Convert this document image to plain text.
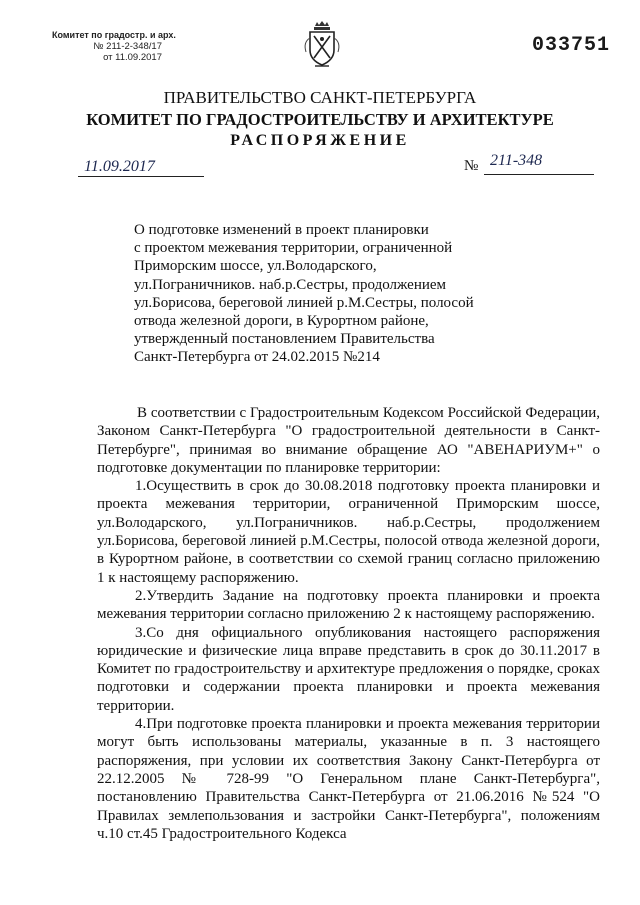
Комитет по градостр. и арх.
№ 211-2-348/17
от 11.09.2017
033751
ПРАВИТЕЛЬСТВО САНКТ-ПЕТЕРБУРГА
КОМИТЕТ ПО ГРАДОСТРОИТЕЛЬСТВУ И АРХИТЕКТУРЕ
РАСПОРЯЖЕНИЕ
11.09.2017	№ 211-348
О подготовке изменений в проект планировки
с проектом межевания территории, ограниченной
Приморским шоссе, ул.Володарского,
ул.Пограничников. наб.р.Сестры, продолжением
ул.Борисова, береговой линией р.М.Сестры, полосой
отвода железной дороги, в Курортном районе,
утвержденный постановлением Правительства
Санкт-Петербурга от 24.02.2015 №214

В соответствии с Градостроительным Кодексом Российской Федерации, Законом Санкт-Петербурга "О градостроительной деятельности в Санкт-Петербурге", принимая во внимание обращение АО "АВЕНАРИУМ+" о подготовке документации по планировке территории:

1.Осуществить в срок до 30.08.2018 подготовку проекта планировки и проекта межевания территории, ограниченной Приморским шоссе, ул.Володарского, ул.Пограничников. наб.р.Сестры, продолжением ул.Борисова, береговой линией р.М.Сестры, полосой отвода железной дороги, в Курортном районе, в соответствии со схемой границ согласно приложению 1 к настоящему распоряжению.

2.Утвердить Задание на подготовку проекта планировки и проекта межевания территории согласно приложению 2 к настоящему распоряжению.

3.Со дня официального опубликования настоящего распоряжения юридические и физические лица вправе представить в срок до 30.11.2017 в Комитет по градостроительству и архитектуре предложения о порядке, сроках подготовки и содержании проекта планировки и проекта межевания территории.

4.При подготовке проекта планировки и проекта межевания территории могут быть использованы материалы, указанные в п. 3 настоящего распоряжения, при условии их соответствия Закону Санкт-Петербурга от 22.12.2005 № 728-99 "О Генеральном плане Санкт-Петербурга", постановлению Правительства Санкт-Петербурга от 21.06.2016 №524 "О Правилах землепользования и застройки Санкт-Петербурга", положениям ч.10 ст.45 Градостроительного Кодекса
